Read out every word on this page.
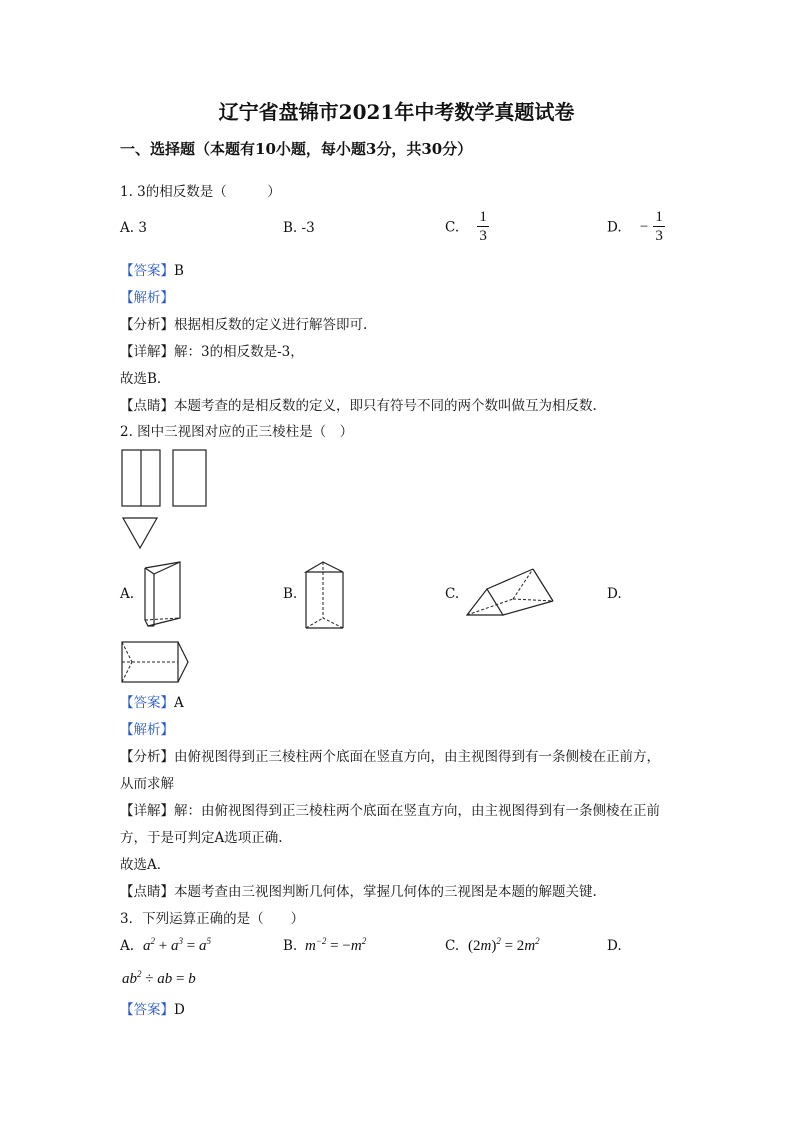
辽宁省盘锦市2021年中考数学真题试卷
一、选择题（本题有10小题，每小题3分，共30分）
1. 3的相反数是（　　　）
A. 3	B. -3	C. $\frac{1}{3}$	D. − $\frac{1}{3}$
【答案】B
【解析】
【分析】根据相反数的定义进行解答即可.
【详解】解：3的相反数是-3，
故选B．
【点睛】本题考查的是相反数的定义，即只有符号不同的两个数叫做互为相反数.
2. 图中三视图对应的正三棱柱是（　）
A.	B.	C.	D.
【答案】A
【解析】
【分析】由俯视图得到正三棱柱两个底面在竖直方向，由主视图得到有一条侧棱在正前方，
从而求解
【详解】解：由俯视图得到正三棱柱两个底面在竖直方向，由主视图得到有一条侧棱在正前
方，于是可判定A选项正确.
故选A．
【点睛】本题考查由三视图判断几何体，掌握几何体的三视图是本题的解题关键.
3．下列运算正确的是（　　）
A. $a^2 + a^3 = a^5$	B. $m^{-2} = -m^2$	C. $(2m)^2 = 2m^2$	D.
$ab^2$ ÷ ab = b
【答案】D
